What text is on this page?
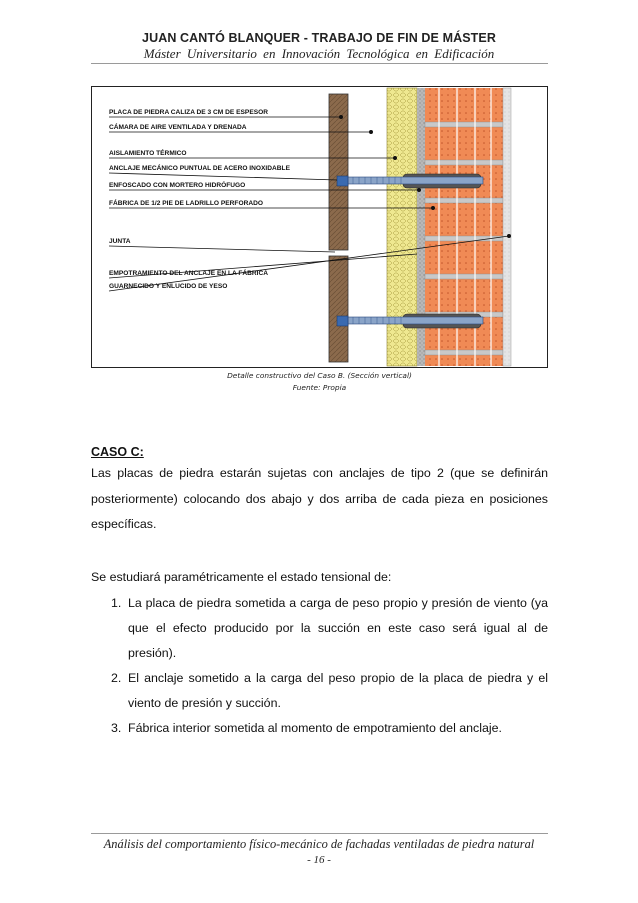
JUAN CANTÓ BLANQUER - TRABAJO DE FIN DE MÁSTER
Máster Universitario en Innovación Tecnológica en Edificación
PLACA DE PIEDRA CALIZA DE 3 CM DE ESPESOR
CÁMARA DE AIRE VENTILADA Y DRENADA
AISLAMIENTO TÉRMICO
ANCLAJE MECÁNICO PUNTUAL DE ACERO INOXIDABLE
ENFOSCADO CON MORTERO HIDRÓFUGO
FÁBRICA DE 1/2 PIE DE LADRILLO PERFORADO
JUNTA
EMPOTRAMIENTO DEL ANCLAJE EN LA FÁBRICA
GUARNECIDO Y ENLUCIDO DE YESO
Detalle constructivo del Caso B. (Sección vertical)
Fuente: Propia
CASO C:
Las placas de piedra estarán sujetas con anclajes de tipo 2 (que se definirán posteriormente) colocando dos abajo y dos arriba de cada pieza en posiciones específicas.
Se estudiará paramétricamente el estado tensional de:
1. La placa de piedra sometida a carga de peso propio y presión de viento (ya que el efecto producido por la succión en este caso será igual al de presión).
2. El anclaje sometido a la carga del peso propio de la placa de piedra y el viento de presión y succión.
3. Fábrica interior sometida al momento de empotramiento del anclaje.
Análisis del comportamiento físico-mecánico de fachadas ventiladas de piedra natural
- 16 -
